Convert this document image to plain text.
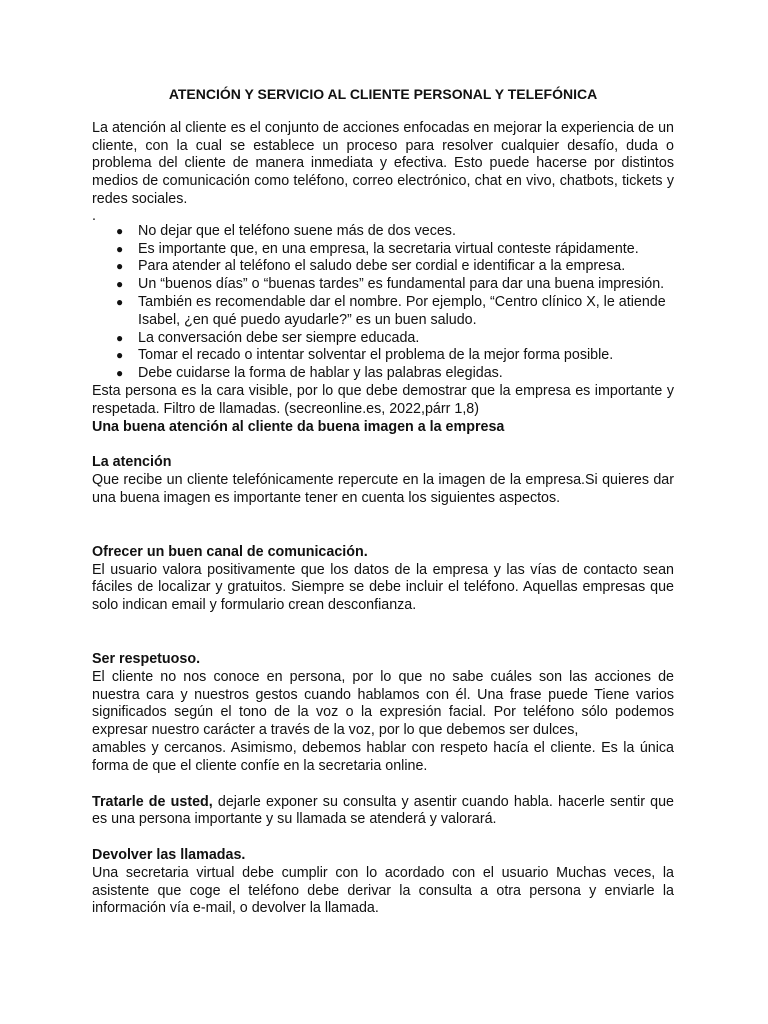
ATENCIÓN Y SERVICIO AL CLIENTE PERSONAL Y TELEFÓNICA

La atención al cliente es el conjunto de acciones enfocadas en mejorar la experiencia de un cliente, con la cual se establece un proceso para resolver cualquier desafío, duda o problema del cliente de manera inmediata y efectiva. Esto puede hacerse por distintos medios de comunicación como teléfono, correo electrónico, chat en vivo, chatbots, tickets y redes sociales.

.

● No dejar que el teléfono suene más de dos veces.
● Es importante que, en una empresa, la secretaria virtual conteste rápidamente.
● Para atender al teléfono el saludo debe ser cordial e identificar a la empresa.
● Un “buenos días” o “buenas tardes” es fundamental para dar una buena impresión.
● También es recomendable dar el nombre. Por ejemplo, “Centro clínico X, le atiende Isabel, ¿en qué puedo ayudarle?” es un buen saludo.
● La conversación debe ser siempre educada.
● Tomar el recado o intentar solventar el problema de la mejor forma posible.
● Debe cuidarse la forma de hablar y las palabras elegidas.

Esta persona es la cara visible, por lo que debe demostrar que la empresa es importante y respetada. Filtro de llamadas. (secreonline.es, 2022,párr 1,8)

Una buena atención al cliente da buena imagen a la empresa

La atención

Que recibe un cliente telefónicamente repercute en la imagen de la empresa.Si quieres dar una buena imagen es importante tener en cuenta los siguientes aspectos.

Ofrecer un buen canal de comunicación.

El usuario valora positivamente que los datos de la empresa y las vías de contacto sean fáciles de localizar y gratuitos. Siempre se debe incluir el teléfono. Aquellas empresas que solo indican email y formulario crean desconfianza.

Ser respetuoso.

El cliente no nos conoce en persona, por lo que no sabe cuáles son las acciones de nuestra cara y nuestros gestos cuando hablamos con él. Una frase puede Tiene varios significados según el tono de la voz o la expresión facial. Por teléfono sólo podemos expresar nuestro carácter a través de la voz, por lo que debemos ser dulces,

amables y cercanos. Asimismo, debemos hablar con respeto hacía el cliente. Es la única forma de que el cliente confíe en la secretaria online.

Tratarle de usted, dejarle exponer su consulta y asentir cuando habla. hacerle sentir que es una persona importante y su llamada se atenderá y valorará.

Devolver las llamadas.

Una secretaria virtual debe cumplir con lo acordado con el usuario Muchas veces, la asistente que coge el teléfono debe derivar la consulta a otra persona y enviarle la información vía e-mail, o devolver la llamada.
